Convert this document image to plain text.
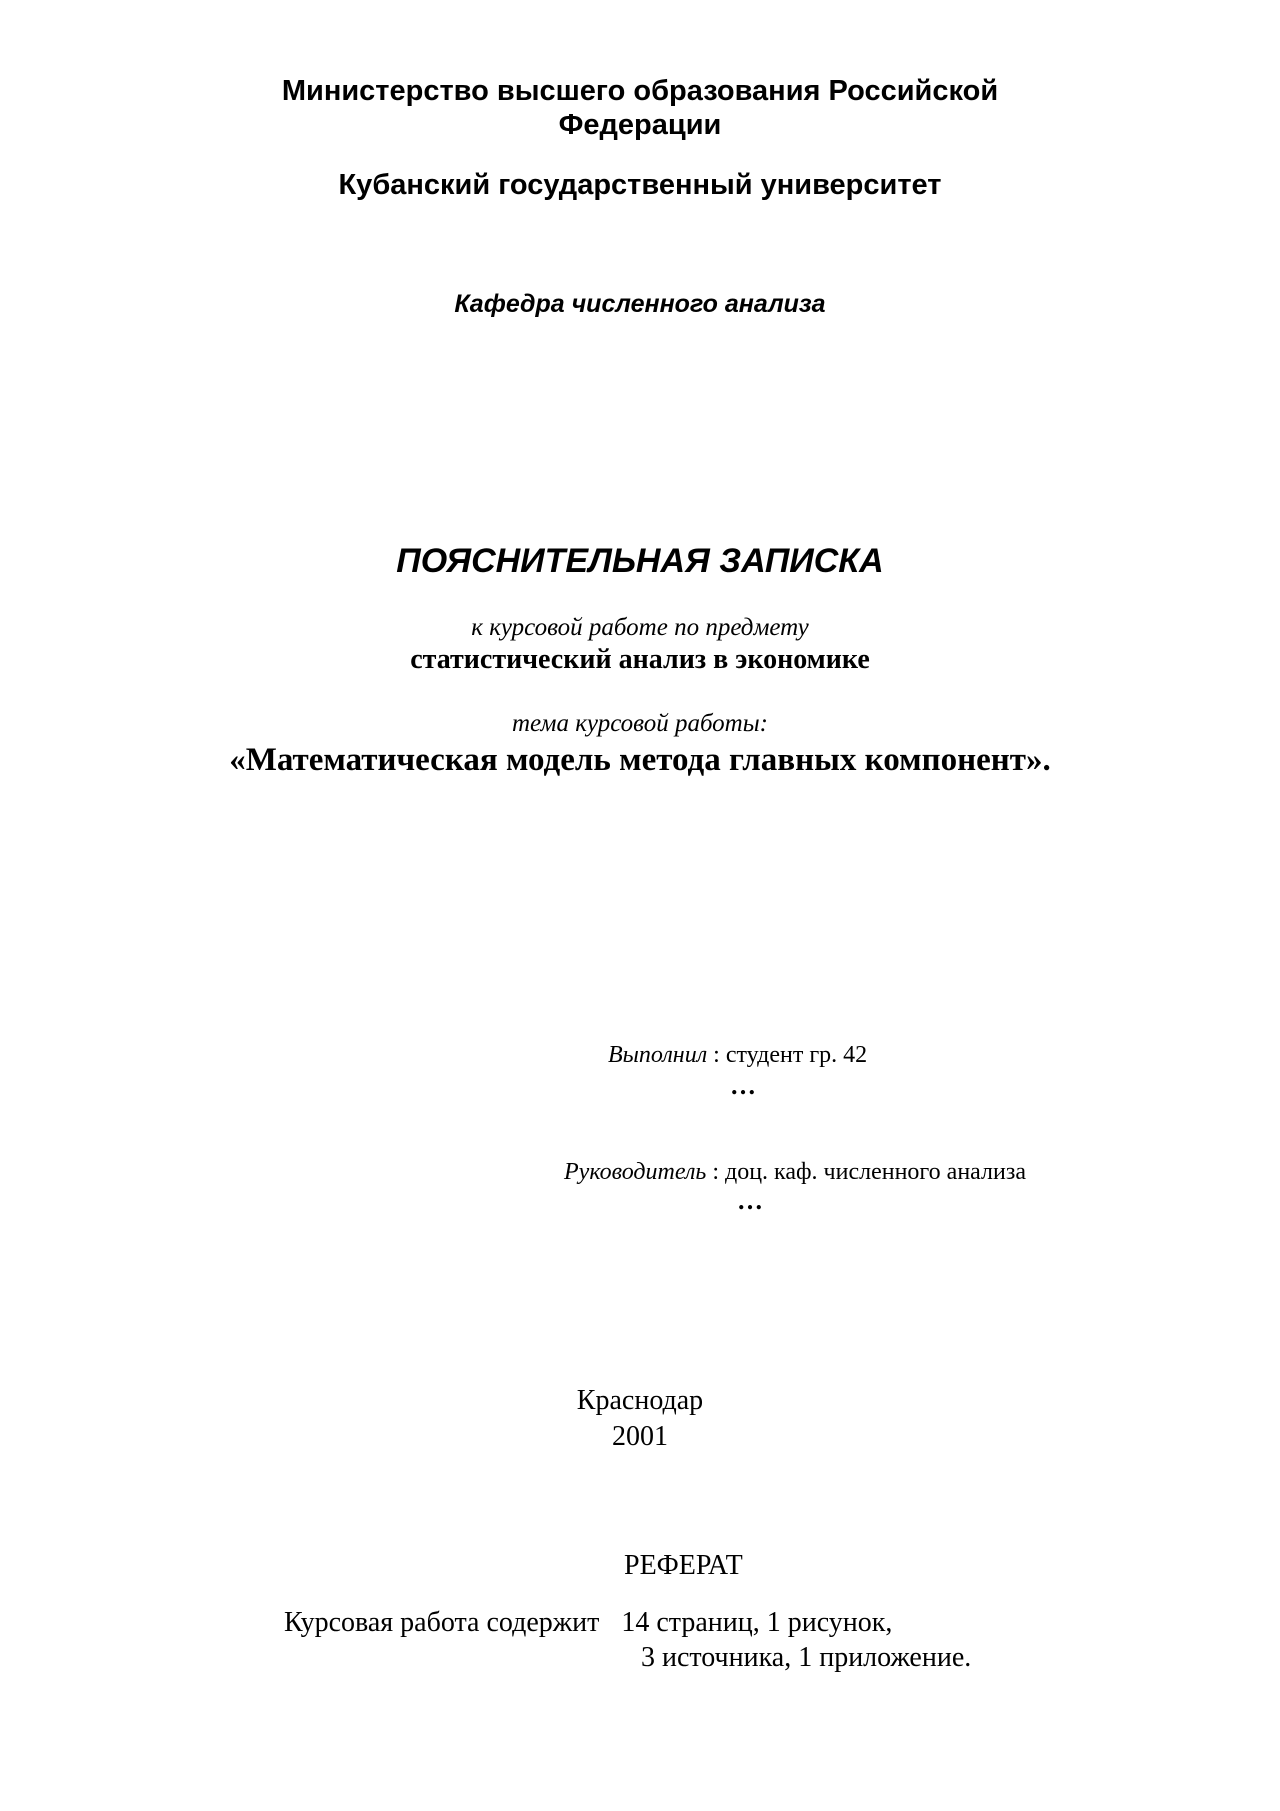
Министерство высшего образования Российской
Федерации
Кубанский государственный университет
Кафедра численного анализа
ПОЯСНИТЕЛЬНАЯ ЗАПИСКА
к курсовой работе по предмету
статистический анализ в экономике
тема курсовой работы:
«Математическая модель метода главных компонент».
Выполнил : студент гр. 42
…
Руководитель : доц. каф. численного анализа
…
Краснодар
2001
РЕФЕРАТ
Курсовая работа содержит 14 страниц, 1 рисунок,
3 источника, 1 приложение.
